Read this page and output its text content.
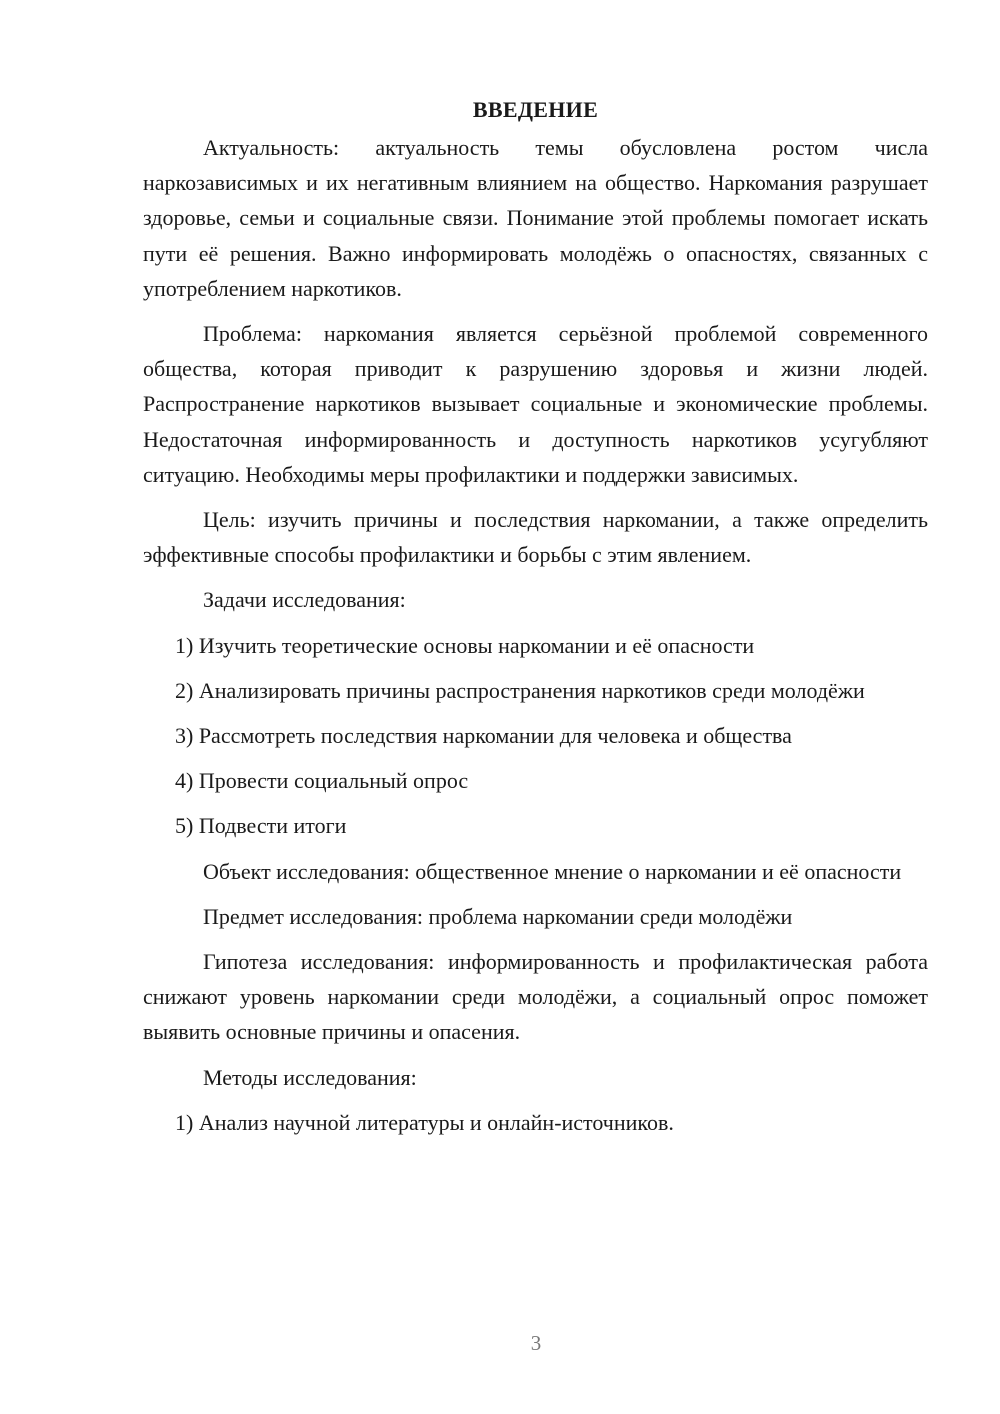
ВВЕДЕНИЕ

Актуальность: актуальность темы обусловлена ростом числа наркозависимых и их негативным влиянием на общество. Наркомания разрушает здоровье, семьи и социальные связи. Понимание этой проблемы помогает искать пути её решения. Важно информировать молодёжь о опасностях, связанных с употреблением наркотиков.

Проблема: наркомания является серьёзной проблемой современного общества, которая приводит к разрушению здоровья и жизни людей. Распространение наркотиков вызывает социальные и экономические проблемы. Недостаточная информированность и доступность наркотиков усугубляют ситуацию. Необходимы меры профилактики и поддержки зависимых.

Цель: изучить причины и последствия наркомании, а также определить эффективные способы профилактики и борьбы с этим явлением.

Задачи исследования:

1) Изучить теоретические основы наркомании и её опасности

2) Анализировать причины распространения наркотиков среди молодёжи

3) Рассмотреть последствия наркомании для человека и общества

4) Провести социальный опрос

5) Подвести итоги

Объект исследования: общественное мнение о наркомании и её опасности

Предмет исследования: проблема наркомании среди молодёжи

Гипотеза исследования: информированность и профилактическая работа снижают уровень наркомании среди молодёжи, а социальный опрос поможет выявить основные причины и опасения.

Методы исследования:

1) Анализ научной литературы и онлайн-источников.

3
